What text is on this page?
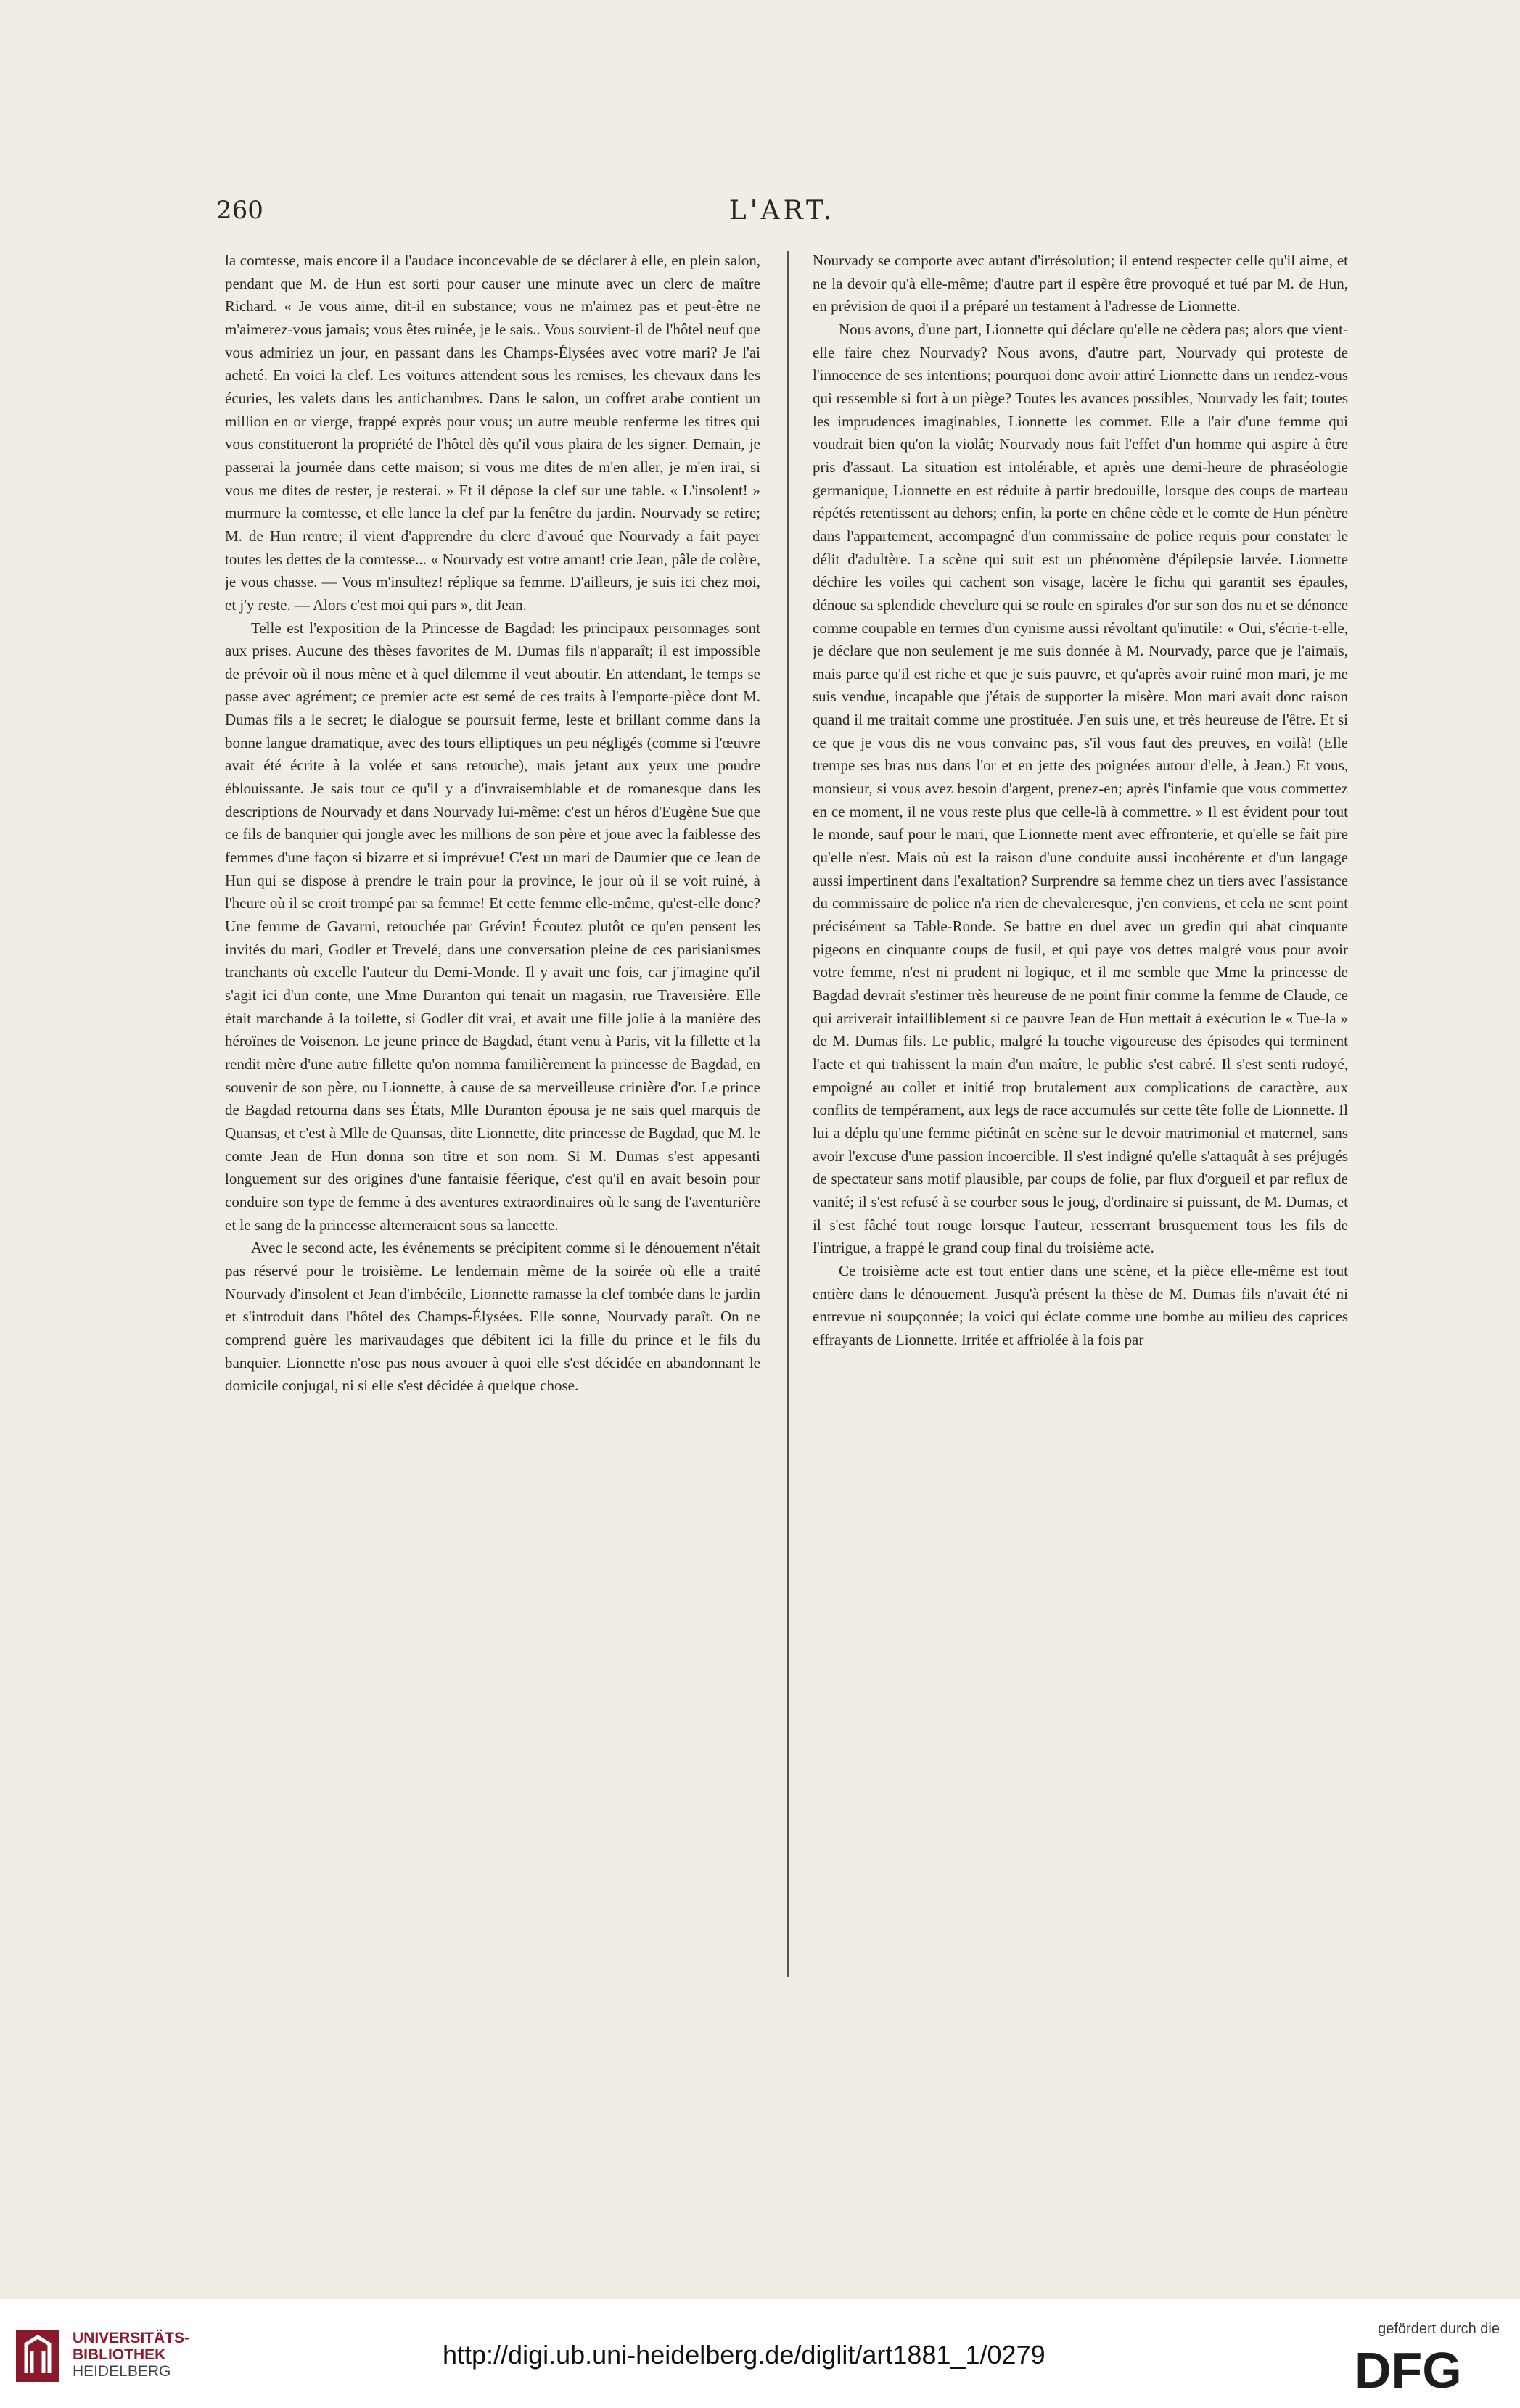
260	L'ART.

la comtesse, mais encore il a l'audace inconcevable de se déclarer à elle, en plein salon, pendant que M. de Hun est sorti pour causer une minute avec un clerc de maître Richard. « Je vous aime, dit-il en substance; vous ne m'aimez pas et peut-être ne m'aimerez-vous jamais; vous êtes ruinée, je le sais.. Vous souvient-il de l'hôtel neuf que vous admiriez un jour, en passant dans les Champs-Élysées avec votre mari? Je l'ai acheté. En voici la clef. Les voitures attendent sous les remises, les chevaux dans les écuries, les valets dans les antichambres. Dans le salon, un coffret arabe contient un million en or vierge, frappé exprès pour vous; un autre meuble renferme les titres qui vous constitueront la propriété de l'hôtel dès qu'il vous plaira de les signer. Demain, je passerai la journée dans cette maison; si vous me dites de m'en aller, je m'en irai, si vous me dites de rester, je resterai. » Et il dépose la clef sur une table. « L'insolent! » murmure la comtesse, et elle lance la clef par la fenêtre du jardin. Nourvady se retire; M. de Hun rentre; il vient d'apprendre du clerc d'avoué que Nourvady a fait payer toutes les dettes de la comtesse... « Nourvady est votre amant! crie Jean, pâle de colère, je vous chasse. — Vous m'insultez! réplique sa femme. D'ailleurs, je suis ici chez moi, et j'y reste. — Alors c'est moi qui pars », dit Jean.

Telle est l'exposition de la Princesse de Bagdad: les principaux personnages sont aux prises. Aucune des thèses favorites de M. Dumas fils n'apparaît; il est impossible de prévoir où il nous mène et à quel dilemme il veut aboutir. En attendant, le temps se passe avec agrément; ce premier acte est semé de ces traits à l'emporte-pièce dont M. Dumas fils a le secret; le dialogue se poursuit ferme, leste et brillant comme dans la bonne langue dramatique, avec des tours elliptiques un peu négligés (comme si l'œuvre avait été écrite à la volée et sans retouche), mais jetant aux yeux une poudre éblouissante. Je sais tout ce qu'il y a d'invraisemblable et de romanesque dans les descriptions de Nourvady et dans Nourvady lui-même: c'est un héros d'Eugène Sue que ce fils de banquier qui jongle avec les millions de son père et joue avec la faiblesse des femmes d'une façon si bizarre et si imprévue! C'est un mari de Daumier que ce Jean de Hun qui se dispose à prendre le train pour la province, le jour où il se voit ruiné, à l'heure où il se croit trompé par sa femme! Et cette femme elle-même, qu'est-elle donc? Une femme de Gavarni, retouchée par Grévin! Écoutez plutôt ce qu'en pensent les invités du mari, Godler et Trevelé, dans une conversation pleine de ces parisianismes tranchants où excelle l'auteur du Demi-Monde. Il y avait une fois, car j'imagine qu'il s'agit ici d'un conte, une Mme Duranton qui tenait un magasin, rue Traversière. Elle était marchande à la toilette, si Godler dit vrai, et avait une fille jolie à la manière des héroïnes de Voisenon. Le jeune prince de Bagdad, étant venu à Paris, vit la fillette et la rendit mère d'une autre fillette qu'on nomma familièrement la princesse de Bagdad, en souvenir de son père, ou Lionnette, à cause de sa merveilleuse crinière d'or. Le prince de Bagdad retourna dans ses États, Mlle Duranton épousa je ne sais quel marquis de Quansas, et c'est à Mlle de Quansas, dite Lionnette, dite princesse de Bagdad, que M. le comte Jean de Hun donna son titre et son nom. Si M. Dumas s'est appesanti longuement sur des origines d'une fantaisie féerique, c'est qu'il en avait besoin pour conduire son type de femme à des aventures extraordinaires où le sang de l'aventurière et le sang de la princesse alterneraient sous sa lancette.

Avec le second acte, les événements se précipitent comme si le dénouement n'était pas réservé pour le troisième. Le lendemain même de la soirée où elle a traité Nourvady d'insolent et Jean d'imbécile, Lionnette ramasse la clef tombée dans le jardin et s'introduit dans l'hôtel des Champs-Élysées. Elle sonne, Nourvady paraît. On ne comprend guère les marivaudages que débitent ici la fille du prince et le fils du banquier. Lionnette n'ose pas nous avouer à quoi elle s'est décidée en abandonnant le domicile conjugal, ni si elle s'est décidée à quelque chose.

Nourvady se comporte avec autant d'irrésolution; il entend respecter celle qu'il aime, et ne la devoir qu'à elle-même; d'autre part il espère être provoqué et tué par M. de Hun, en prévision de quoi il a préparé un testament à l'adresse de Lionnette.

Nous avons, d'une part, Lionnette qui déclare qu'elle ne cèdera pas; alors que vient-elle faire chez Nourvady? Nous avons, d'autre part, Nourvady qui proteste de l'innocence de ses intentions; pourquoi donc avoir attiré Lionnette dans un rendez-vous qui ressemble si fort à un piège? Toutes les avances possibles, Nourvady les fait; toutes les imprudences imaginables, Lionnette les commet. Elle a l'air d'une femme qui voudrait bien qu'on la violât; Nourvady nous fait l'effet d'un homme qui aspire à être pris d'assaut. La situation est intolérable, et après une demi-heure de phraséologie germanique, Lionnette en est réduite à partir bredouille, lorsque des coups de marteau répétés retentissent au dehors; enfin, la porte en chêne cède et le comte de Hun pénètre dans l'appartement, accompagné d'un commissaire de police requis pour constater le délit d'adultère. La scène qui suit est un phénomène d'épilepsie larvée. Lionnette déchire les voiles qui cachent son visage, lacère le fichu qui garantit ses épaules, dénoue sa splendide chevelure qui se roule en spirales d'or sur son dos nu et se dénonce comme coupable en termes d'un cynisme aussi révoltant qu'inutile: « Oui, s'écrie-t-elle, je déclare que non seulement je me suis donnée à M. Nourvady, parce que je l'aimais, mais parce qu'il est riche et que je suis pauvre, et qu'après avoir ruiné mon mari, je me suis vendue, incapable que j'étais de supporter la misère. Mon mari avait donc raison quand il me traitait comme une prostituée. J'en suis une, et très heureuse de l'être. Et si ce que je vous dis ne vous convainc pas, s'il vous faut des preuves, en voilà! (Elle trempe ses bras nus dans l'or et en jette des poignées autour d'elle, à Jean.) Et vous, monsieur, si vous avez besoin d'argent, prenez-en; après l'infamie que vous commettez en ce moment, il ne vous reste plus que celle-là à commettre. » Il est évident pour tout le monde, sauf pour le mari, que Lionnette ment avec effronterie, et qu'elle se fait pire qu'elle n'est. Mais où est la raison d'une conduite aussi incohérente et d'un langage aussi impertinent dans l'exaltation? Surprendre sa femme chez un tiers avec l'assistance du commissaire de police n'a rien de chevaleresque, j'en conviens, et cela ne sent point précisément sa Table-Ronde. Se battre en duel avec un gredin qui abat cinquante pigeons en cinquante coups de fusil, et qui paye vos dettes malgré vous pour avoir votre femme, n'est ni prudent ni logique, et il me semble que Mme la princesse de Bagdad devrait s'estimer très heureuse de ne point finir comme la femme de Claude, ce qui arriverait infailliblement si ce pauvre Jean de Hun mettait à exécution le « Tue-la » de M. Dumas fils. Le public, malgré la touche vigoureuse des épisodes qui terminent l'acte et qui trahissent la main d'un maître, le public s'est cabré. Il s'est senti rudoyé, empoigné au collet et initié trop brutalement aux complications de caractère, aux conflits de tempérament, aux legs de race accumulés sur cette tête folle de Lionnette. Il lui a déplu qu'une femme piétinât en scène sur le devoir matrimonial et maternel, sans avoir l'excuse d'une passion incoercible. Il s'est indigné qu'elle s'attaquât à ses préjugés de spectateur sans motif plausible, par coups de folie, par flux d'orgueil et par reflux de vanité; il s'est refusé à se courber sous le joug, d'ordinaire si puissant, de M. Dumas, et il s'est fâché tout rouge lorsque l'auteur, resserrant brusquement tous les fils de l'intrigue, a frappé le grand coup final du troisième acte.

Ce troisième acte est tout entier dans une scène, et la pièce elle-même est tout entière dans le dénouement. Jusqu'à présent la thèse de M. Dumas fils n'avait été ni entrevue ni soupçonnée; la voici qui éclate comme une bombe au milieu des caprices effrayants de Lionnette. Irritée et affriolée à la fois par

UNIVERSITÄTS-
BIBLIOTHEK
HEIDELBERG
http://digi.ub.uni-heidelberg.de/diglit/art1881_1/0279
gefördert durch die
DFG
